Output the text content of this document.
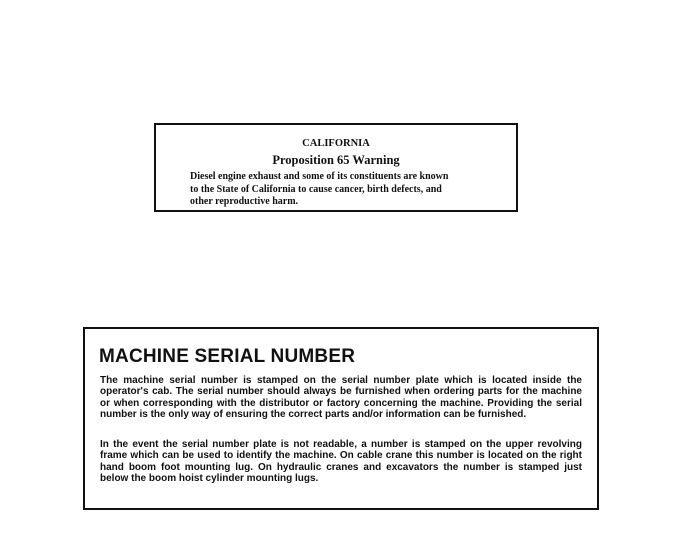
CALIFORNIA
Proposition 65 Warning
Diesel engine exhaust and some of its constituents are known
to the State of California to cause cancer, birth defects, and
other reproductive harm.
MACHINE SERIAL NUMBER
The machine serial number is stamped on the serial number plate which is located inside the operator's cab. The serial number should always be furnished when ordering parts for the machine or when corresponding with the distributor or factory concerning the machine. Providing the serial number is the only way of ensuring the correct parts and/or information can be furnished.
In the event the serial number plate is not readable, a number is stamped on the upper revolving frame which can be used to identify the machine. On cable crane this number is located on the right hand boom foot mounting lug. On hydraulic cranes and excavators the number is stamped just below the boom hoist cylinder mounting lugs.
